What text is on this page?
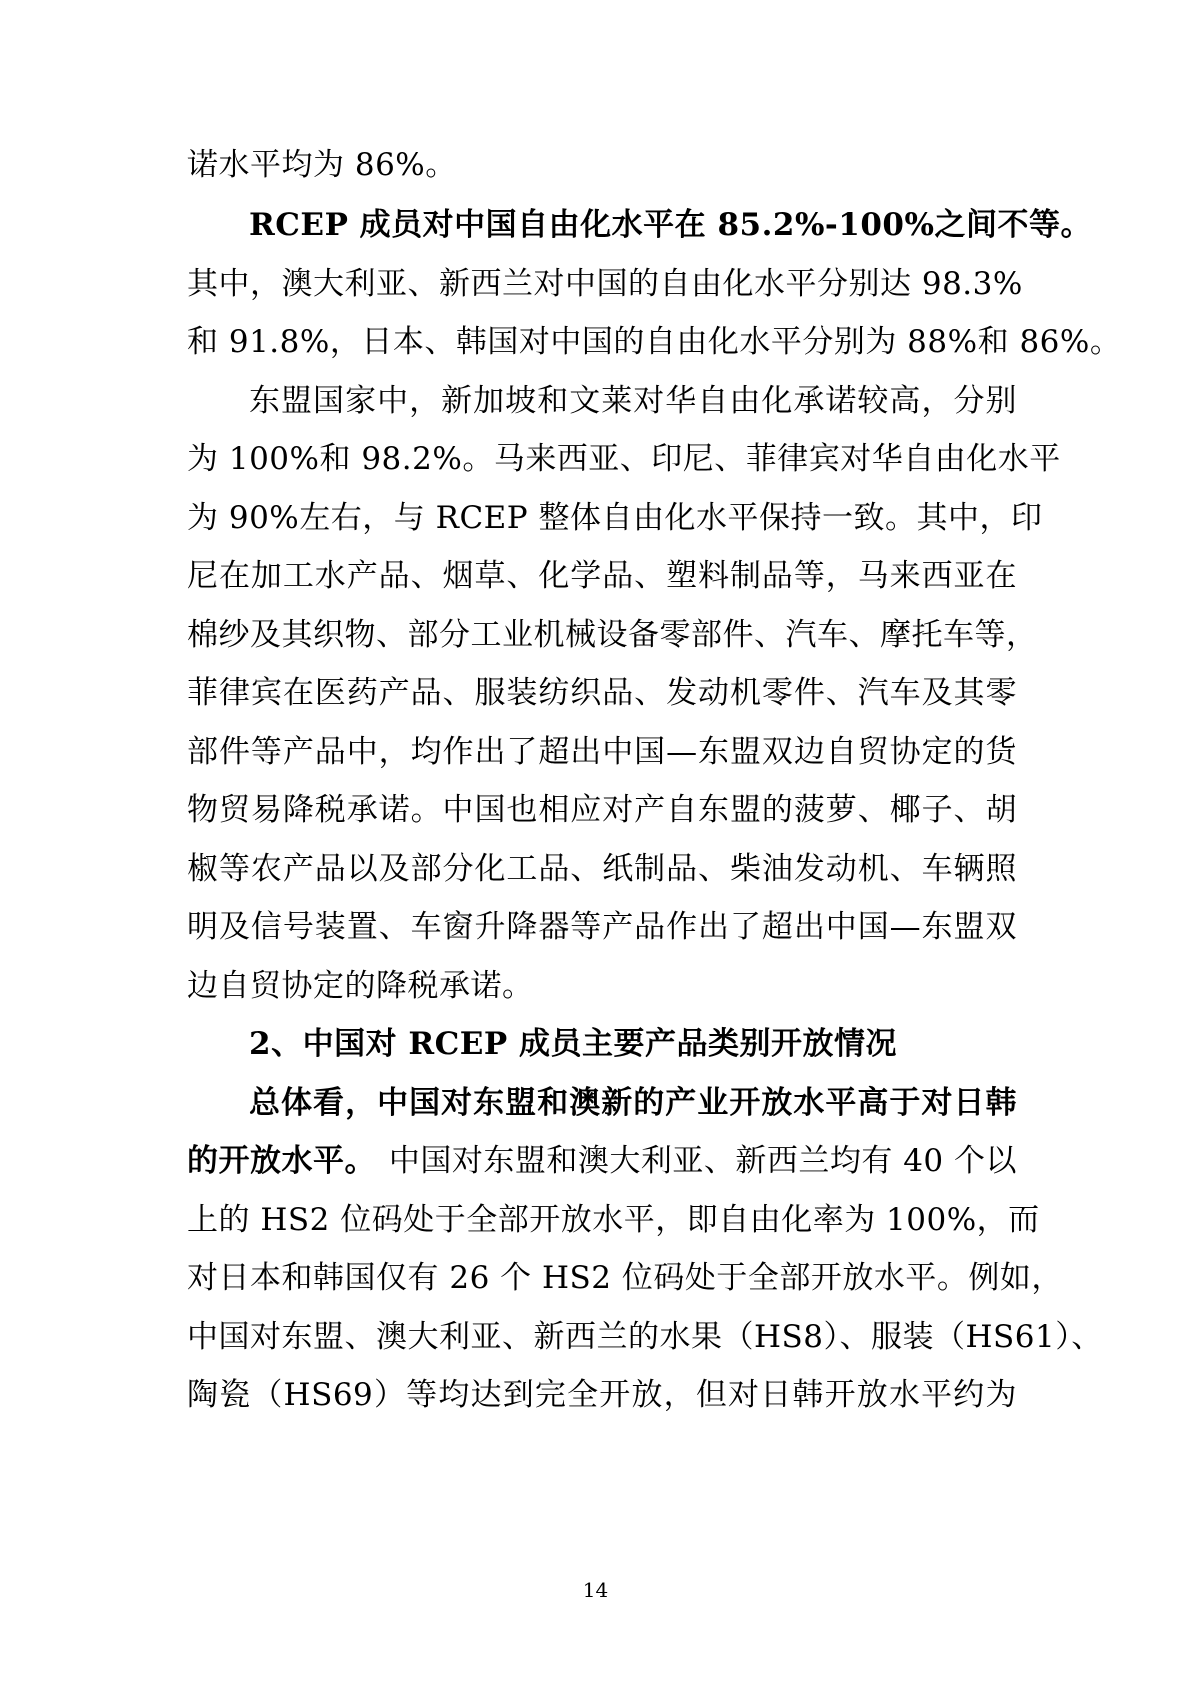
诺水平均为 86%。
RCEP 成员对中国自由化水平在 85.2%-100%之间不等。
其中，澳大利亚、新西兰对中国的自由化水平分别达 98.3%
和 91.8%，日本、韩国对中国的自由化水平分别为 88%和 86%。
东盟国家中，新加坡和文莱对华自由化承诺较高，分别
为 100%和 98.2%。马来西亚、印尼、菲律宾对华自由化水平
为 90%左右，与 RCEP 整体自由化水平保持一致。其中，印
尼在加工水产品、烟草、化学品、塑料制品等，马来西亚在
棉纱及其织物、部分工业机械设备零部件、汽车、摩托车等，
菲律宾在医药产品、服装纺织品、发动机零件、汽车及其零
部件等产品中，均作出了超出中国—东盟双边自贸协定的货
物贸易降税承诺。中国也相应对产自东盟的菠萝、椰子、胡
椒等农产品以及部分化工品、纸制品、柴油发动机、车辆照
明及信号装置、车窗升降器等产品作出了超出中国—东盟双
边自贸协定的降税承诺。
2、中国对 RCEP 成员主要产品类别开放情况
总体看，中国对东盟和澳新的产业开放水平高于对日韩
的开放水平。 中国对东盟和澳大利亚、新西兰均有 40 个以
上的 HS2 位码处于全部开放水平，即自由化率为 100%，而
对日本和韩国仅有 26 个 HS2 位码处于全部开放水平。例如，
中国对东盟、澳大利亚、新西兰的水果（HS8）、服装（HS61）、
陶瓷（HS69）等均达到完全开放，但对日韩开放水平约为
14
